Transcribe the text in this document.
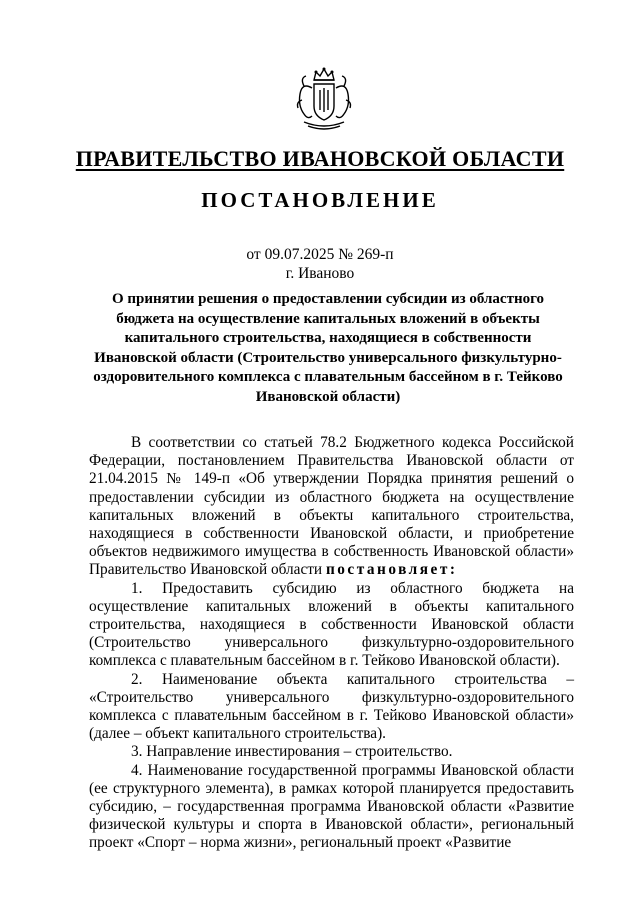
ПРАВИТЕЛЬСТВО ИВАНОВСКОЙ ОБЛАСТИ
ПОСТАНОВЛЕНИЕ
от 09.07.2025 № 269-п
г. Иваново
О принятии решения о предоставлении субсидии из областного бюджета на осуществление капитальных вложений в объекты капитального строительства, находящиеся в собственности Ивановской области (Строительство универсального физкультурно-оздоровительного комплекса с плавательным бассейном в г. Тейково Ивановской области)

В соответствии со статьей 78.2 Бюджетного кодекса Российской Федерации, постановлением Правительства Ивановской области от 21.04.2015 № 149-п «Об утверждении Порядка принятия решений о предоставлении субсидии из областного бюджета на осуществление капитальных вложений в объекты капитального строительства, находящиеся в собственности Ивановской области, и приобретение объектов недвижимого имущества в собственность Ивановской области» Правительство Ивановской области постановляет:

1. Предоставить субсидию из областного бюджета на осуществление капитальных вложений в объекты капитального строительства, находящиеся в собственности Ивановской области (Строительство универсального физкультурно-оздоровительного комплекса с плавательным бассейном в г. Тейково Ивановской области).

2. Наименование объекта капитального строительства – «Строительство универсального физкультурно-оздоровительного комплекса с плавательным бассейном в г. Тейково Ивановской области» (далее – объект капитального строительства).

3. Направление инвестирования – строительство.

4. Наименование государственной программы Ивановской области (ее структурного элемента), в рамках которой планируется предоставить субсидию, – государственная программа Ивановской области «Развитие физической культуры и спорта в Ивановской области», региональный проект «Спорт – норма жизни», региональный проект «Развитие
